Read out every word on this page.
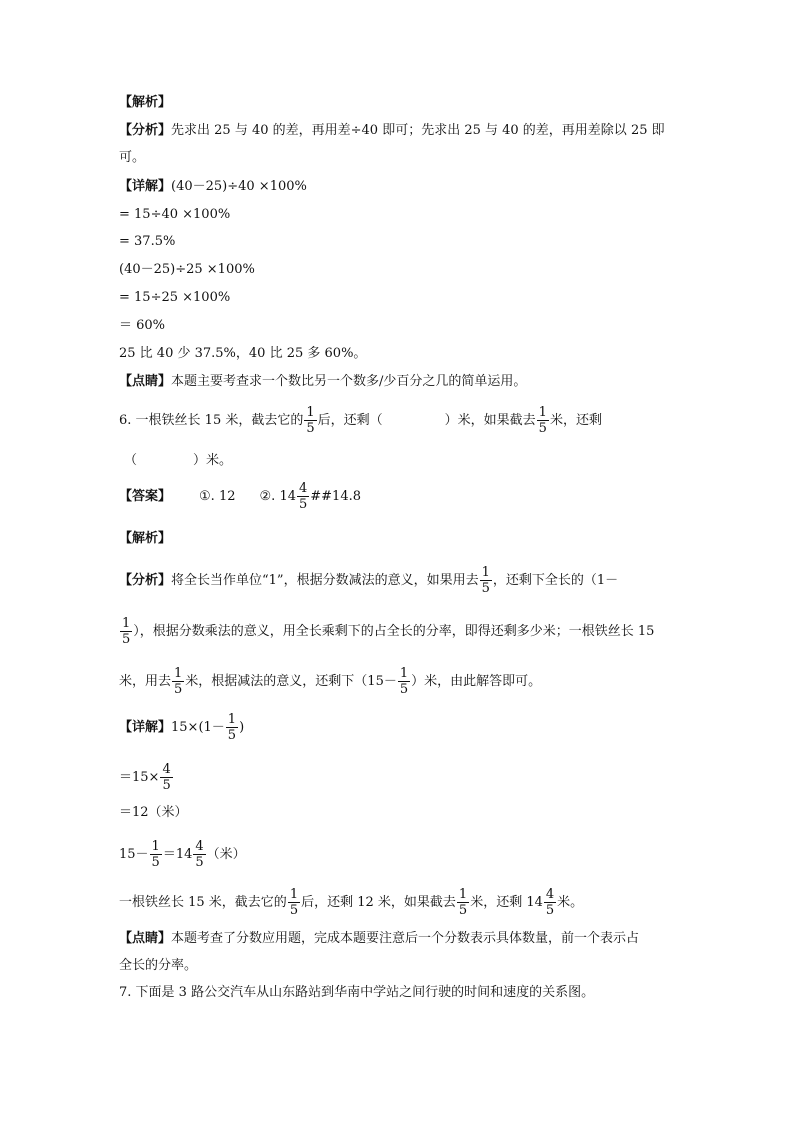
【解析】
【分析】先求出 25 与 40 的差，再用差÷40 即可；先求出 25 与 40 的差，再用差除以 25 即
可。
【详解】(40－25)÷40 ×100%
= 15÷40 ×100%
= 37.5%
(40－25)÷25 ×100%
= 15÷25 ×100%
＝ 60%
25 比 40 少 37.5%，40 比 25 多 60%。
【点睛】本题主要考查求一个数比另一个数多/少百分之几的简单运用。
6. 一根铁丝长 15 米，截去它的 $\frac{1}{5}$ 后，还剩（	）米，如果截去 $\frac{1}{5}$ 米，还剩
（	）米。
【答案】 ①. 12 ②. $14 \frac{4}{5}$ ##14.8
【解析】
【分析】将全长当作单位“1”，根据分数减法的意义，如果用去 $\frac{1}{5}$ ，还剩下全长的（1－
$\frac{1}{5}$ ），根据分数乘法的意义，用全长乘剩下的占全长的分率，即得还剩多少米；一根铁丝长 15
米，用去 $\frac{1}{5}$ 米，根据减法的意义，还剩下（$15- \frac{1}{5}$ ）米，由此解答即可。
【详解】$15\times(1- \frac{1}{5}$ )
$=15\times \frac{4}{5}$
＝12（米）
$15- \frac{1}{5} =14 \frac{4}{5}$ （米）
一根铁丝长 15 米，截去它的 $\frac{1}{5}$ 后，还剩 12 米，如果截去 $\frac{1}{5}$ 米，还剩 $14 \frac{4}{5}$ 米。
【点睛】本题考查了分数应用题，完成本题要注意后一个分数表示具体数量，前一个表示占
全长的分率。
7. 下面是 3 路公交汽车从山东路站到华南中学站之间行驶的时间和速度的关系图。
